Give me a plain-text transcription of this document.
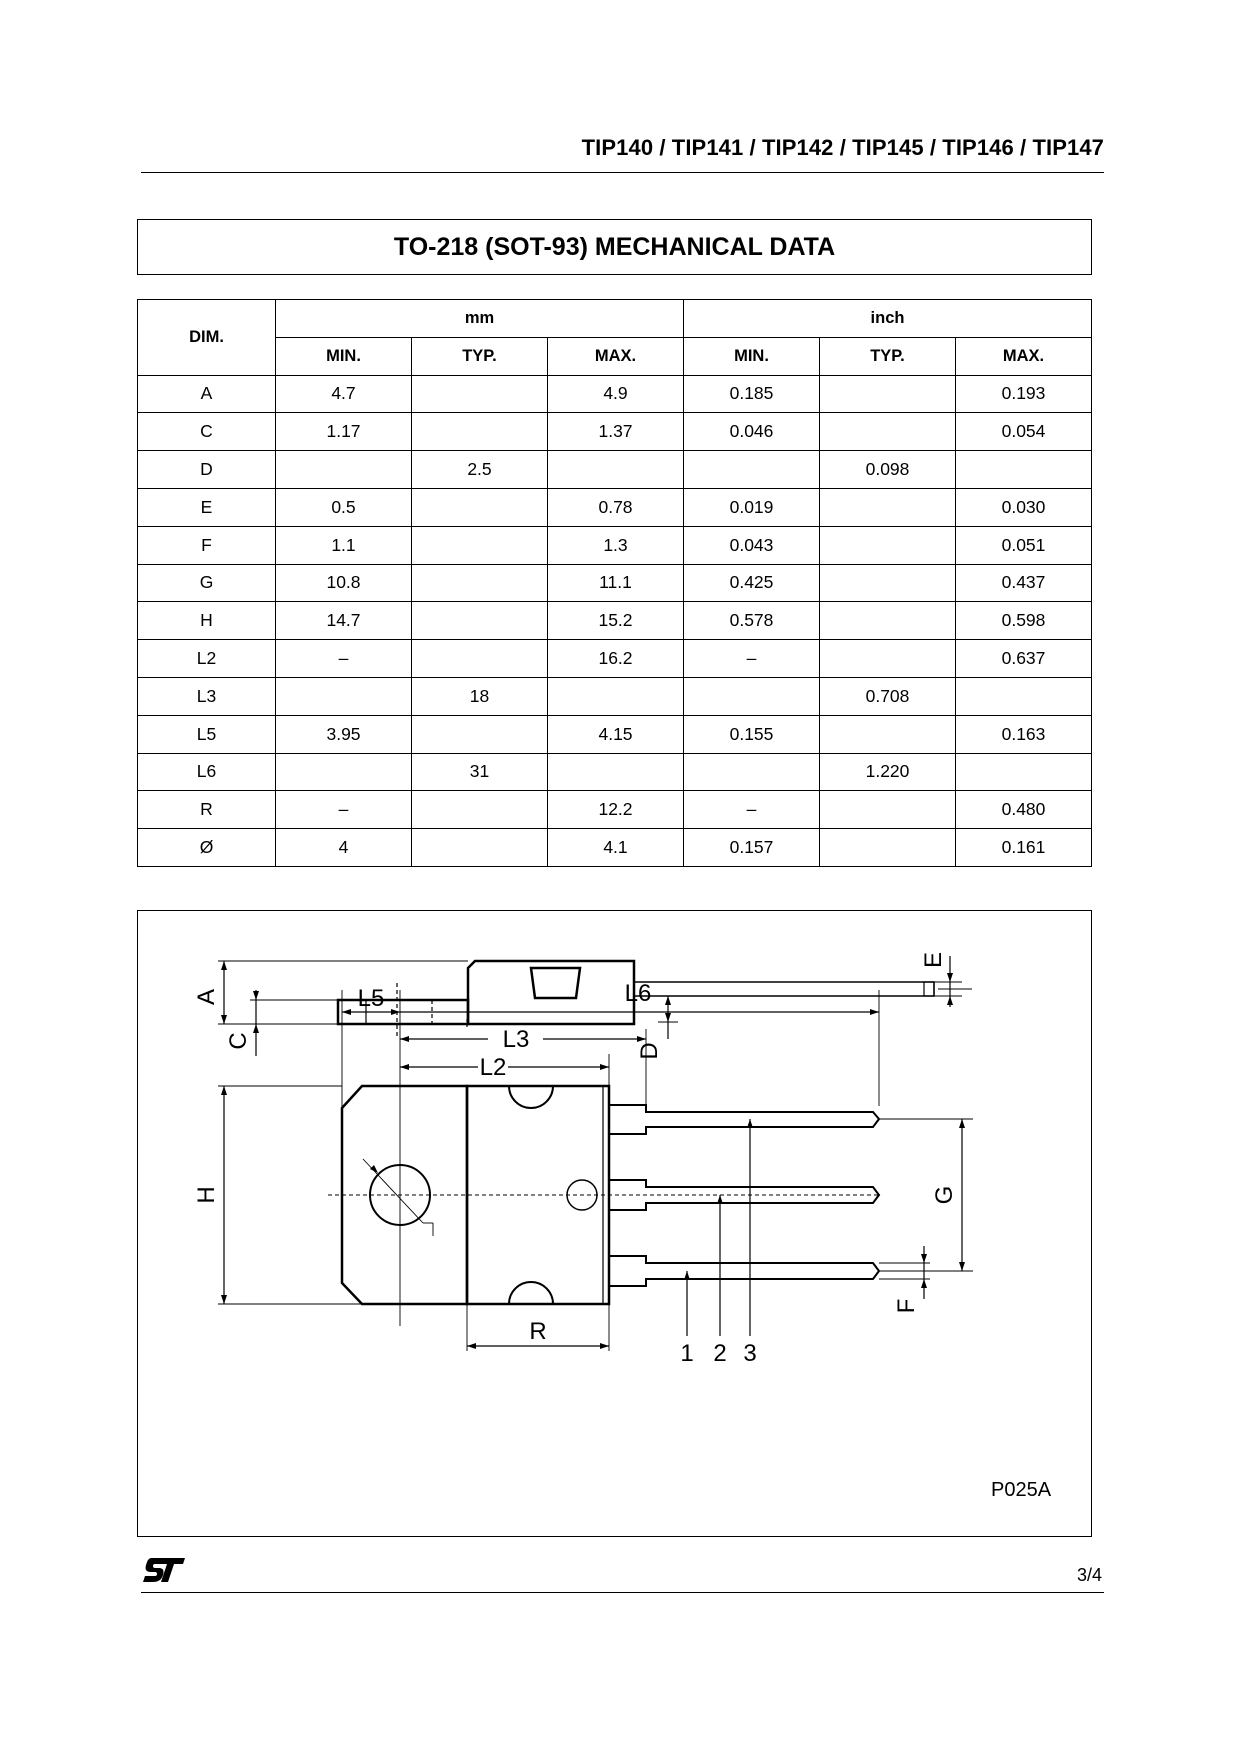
TIP140 / TIP141 / TIP142 / TIP145 / TIP146 / TIP147
TO-218 (SOT-93) MECHANICAL DATA
DIM.	mm			inch		
	MIN.	TYP.	MAX.	MIN.	TYP.	MAX.
A	4.7		4.9	0.185		0.193
C	1.17		1.37	0.046		0.054
D		2.5			0.098	
E	0.5		0.78	0.019		0.030
F	1.1		1.3	0.043		0.051
G	10.8		11.1	0.425		0.437
H	14.7		15.2	0.578		0.598
L2	–		16.2	–		0.637
L3		18			0.708	
L5	3.95		4.15	0.155		0.163
L6		31			1.220	
R	–		12.2	–		0.480
Ø	4		4.1	0.157		0.161
A
C
D
E
H	G
F
L5	L6
L3
L2
R
1 2 3
P025A
3/4
